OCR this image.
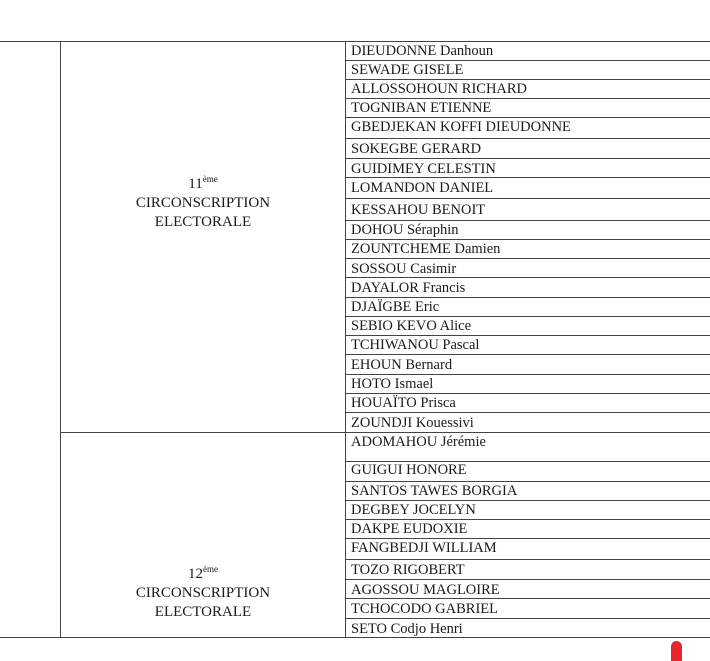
11ème
CIRCONSCRIPTION
ELECTORALE
12ème
CIRCONSCRIPTION
ELECTORALE
DIEUDONNE Danhoun
SEWADE GISELE
ALLOSSOHOUN RICHARD
TOGNIBAN ETIENNE
GBEDJEKAN KOFFI DIEUDONNE
SOKEGBE GERARD
GUIDIMEY CELESTIN
LOMANDON DANIEL
KESSAHOU BENOIT
DOHOU Séraphin
ZOUNTCHEME Damien
SOSSOU Casimir
DAYALOR Francis
DJAÏGBE Eric
SEBIO KEVO Alice
TCHIWANOU Pascal
EHOUN Bernard
HOTO Ismael
HOUAÏTO Prisca
ZOUNDJI Kouessivi
ADOMAHOU Jérémie
GUIGUI HONORE
SANTOS TAWES BORGIA
DEGBEY JOCELYN
DAKPE EUDOXIE
FANGBEDJI WILLIAM
TOZO RIGOBERT
AGOSSOU MAGLOIRE
TCHOCODO GABRIEL
SETO Codjo Henri
